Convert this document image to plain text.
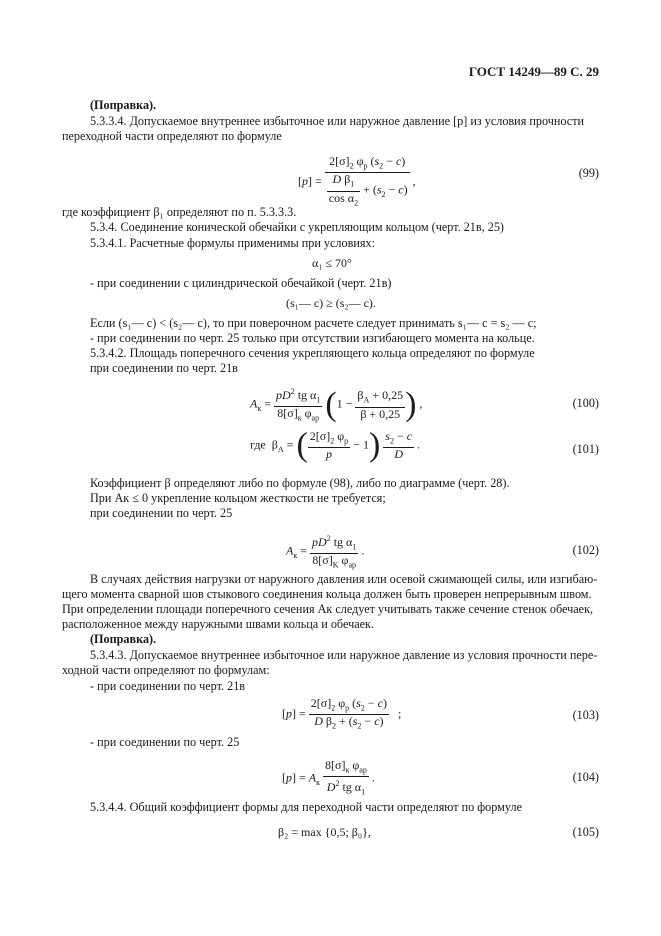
ГОСТ 14249—89 С. 29
(Поправка).
5.3.3.4. Допускаемое внутреннее избыточное или наружное давление [p] из условия прочности
переходной части определяют по формуле
$[p] = \frac{2[\sigma]_2 \varphi_p (s_2 - c)}{\frac{D \beta_1}{\cos \alpha_2} + (s_2 - c)}$ ,
(99)
где коэффициент β₁ определяют по п. 5.3.3.3.
5.3.4. Соединение конической обечайки с укрепляющим кольцом (черт. 21в, 25)
5.3.4.1. Расчетные формулы применимы при условиях:
α₁ ≤ 70°
- при соединении с цилиндрической обечайкой (черт. 21в)
(s₁— c) ≥ (s₂— c).
Если (s₁— c) < (s₂— c), то при поверочном расчете следует принимать s₁— c = s₂ — c;
- при соединении по черт. 25 только при отсутствии изгибающего момента на кольце.
5.3.4.2. Площадь поперечного сечения укрепляющего кольца определяют по формуле
при соединении по черт. 21в
$A_к = \frac{pD^2 tg \alpha_1}{8[\sigma]_к \varphi_{ap}} (1 - \frac{\beta_A + 0,25}{\beta + 0,25}$ ) ,	(100)
где  $\beta_A$ = ( $\frac{2[\sigma]_2 \varphi_p}{p} - 1) \frac{s_2 - c}{D}$ .	(101)
Коэффициент β определяют либо по формуле (98), либо по диаграмме (черт. 28).
При Aк ≤ 0 укрепление кольцом жесткости не требуется;
при соединении по черт. 25
$A_к = \frac{pD^2 tg \alpha_1}{8[\sigma]_K \varphi_{ap}}$ .	(102)
В случаях действия нагрузки от наружного давления или осевой сжимающей силы, или изгибаю-
щего момента сварной шов стыкового соединения кольца должен быть проверен непрерывным швом.
При определении площади поперечного сечения Aк следует учитывать также сечение стенок обечаек,
расположенное между наружными швами кольца и обечаек.
(Поправка).
5.3.4.3. Допускаемое внутреннее избыточное или наружное давление из условия прочности пере-
ходной части определяют по формулам:
- при соединении по черт. 21в
$[p] = \frac{2[\sigma]_2 \varphi_p (s_2 - c)}{D \beta_2 + (s_2 - c)}$ ;	(103)
- при соединении по черт. 25
$[p] = A_к \frac{8[\sigma]_к \varphi_{ap}}{D^2 tg \alpha_1}$ .	(104)
5.3.4.4. Общий коэффициент формы для переходной части определяют по формуле
β₂ = max {0,5; β₀},	(105)
